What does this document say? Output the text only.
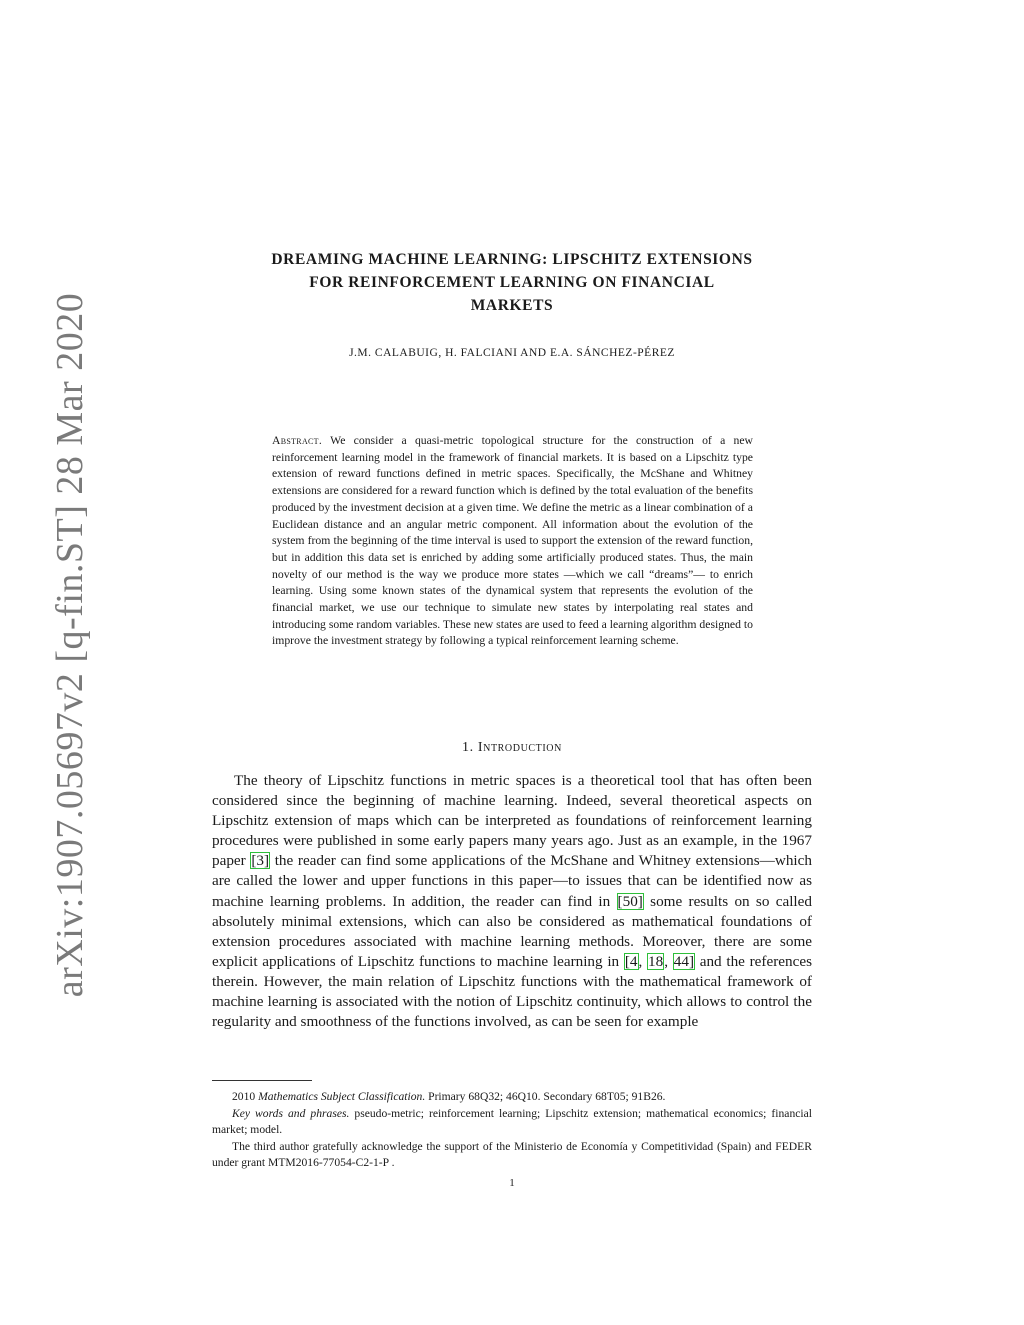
arXiv:1907.05697v2 [q-fin.ST] 28 Mar 2020
DREAMING MACHINE LEARNING: LIPSCHITZ EXTENSIONS
FOR REINFORCEMENT LEARNING ON FINANCIAL
MARKETS
J.M. CALABUIG, H. FALCIANI AND E.A. SÁNCHEZ-PÉREZ
Abstract. We consider a quasi-metric topological structure for the construction of a new reinforcement learning model in the framework of financial markets. It is based on a Lipschitz type extension of reward functions defined in metric spaces. Specifically, the McShane and Whitney extensions are considered for a reward function which is defined by the total evaluation of the benefits produced by the investment decision at a given time. We define the metric as a linear combination of a Euclidean distance and an angular metric component. All information about the evolution of the system from the beginning of the time interval is used to support the extension of the reward function, but in addition this data set is enriched by adding some artificially produced states. Thus, the main novelty of our method is the way we produce more states —which we call “dreams”— to enrich learning. Using some known states of the dynamical system that represents the evolution of the financial market, we use our technique to simulate new states by interpolating real states and introducing some random variables. These new states are used to feed a learning algorithm designed to improve the investment strategy by following a typical reinforcement learning scheme.
1. Introduction
The theory of Lipschitz functions in metric spaces is a theoretical tool that has often been considered since the beginning of machine learning. Indeed, several theoretical aspects on Lipschitz extension of maps which can be interpreted as foundations of reinforcement learning procedures were published in some early papers many years ago. Just as an example, in the 1967 paper [3] the reader can find some applications of the McShane and Whitney extensions—which are called the lower and upper functions in this paper—to issues that can be identified now as machine learning problems. In addition, the reader can find in [50] some results on so called absolutely minimal extensions, which can also be considered as mathematical foundations of extension procedures associated with machine learning methods. Moreover, there are some explicit applications of Lipschitz functions to machine learning in [4, 18, 44] and the references therein. However, the main relation of Lipschitz functions with the mathematical framework of machine learning is associated with the notion of Lipschitz continuity, which allows to control the regularity and smoothness of the functions involved, as can be seen for example

2010 Mathematics Subject Classification. Primary 68Q32; 46Q10. Secondary 68T05; 91B26.

Key words and phrases. pseudo-metric; reinforcement learning; Lipschitz extension; mathematical economics; financial market; model.

The third author gratefully acknowledge the support of the Ministerio de Economía y Competitividad (Spain) and FEDER under grant MTM2016-77054-C2-1-P .

1
